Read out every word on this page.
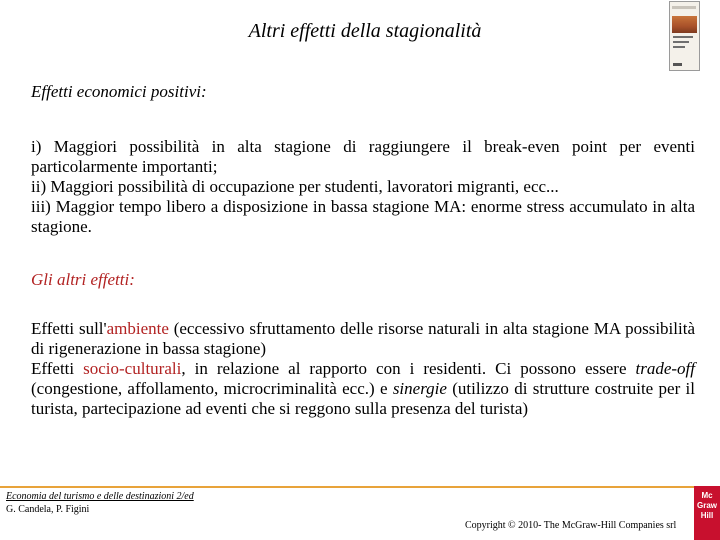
Altri effetti della stagionalità
Effetti economici positivi:

i) Maggiori possibilità in alta stagione di raggiungere il break-even point per eventi particolarmente importanti;
ii) Maggiori possibilità di occupazione per studenti, lavoratori migranti, ecc...
iii) Maggior tempo libero a disposizione in bassa stagione MA: enorme stress accumulato in alta stagione.

Gli altri effetti:

Effetti sull'ambiente (eccessivo sfruttamento delle risorse naturali in alta stagione MA possibilità di rigenerazione in bassa stagione)
Effetti socio-culturali, in relazione al rapporto con i residenti. Ci possono essere trade-off (congestione, affollamento, microcriminalità ecc.) e sinergie (utilizzo di strutture costruite per il turista, partecipazione ad eventi che si reggono sulla presenza del turista)

Economia del turismo e delle destinazioni 2/ed
G. Candela, P. Figini
Copyright © 2010- The McGraw-Hill Companies srl
Mc
Graw
Hill
